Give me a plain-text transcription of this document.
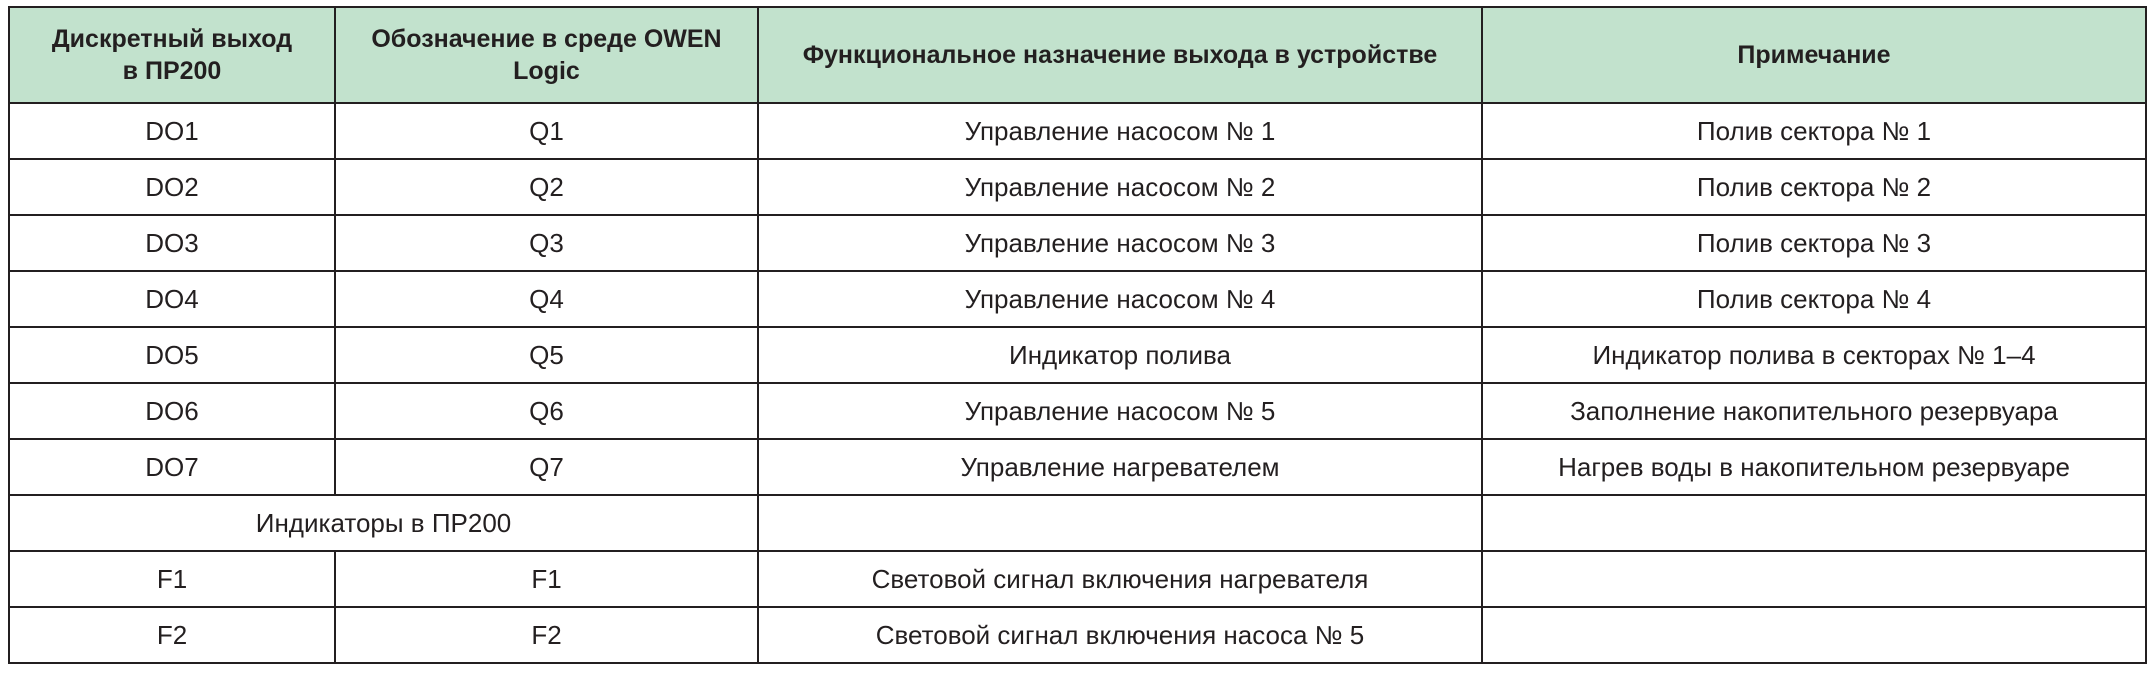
Дискретный выход в ПР200	Обозначение в среде OWEN Logic	Функциональное назначение выхода в устройстве	Примечание
DO1	Q1	Управление насосом № 1	Полив сектора № 1
DO2	Q2	Управление насосом № 2	Полив сектора № 2
DO3	Q3	Управление насосом № 3	Полив сектора № 3
DO4	Q4	Управление насосом № 4	Полив сектора № 4
DO5	Q5	Индикатор полива	Индикатор полива в секторах № 1–4
DO6	Q6	Управление насосом № 5	Заполнение накопительного резервуара
DO7	Q7	Управление нагревателем	Нагрев воды в накопительном резервуаре
Индикаторы в ПР200			
F1	F1	Световой сигнал включения нагревателя	
F2	F2	Световой сигнал включения насоса № 5	
